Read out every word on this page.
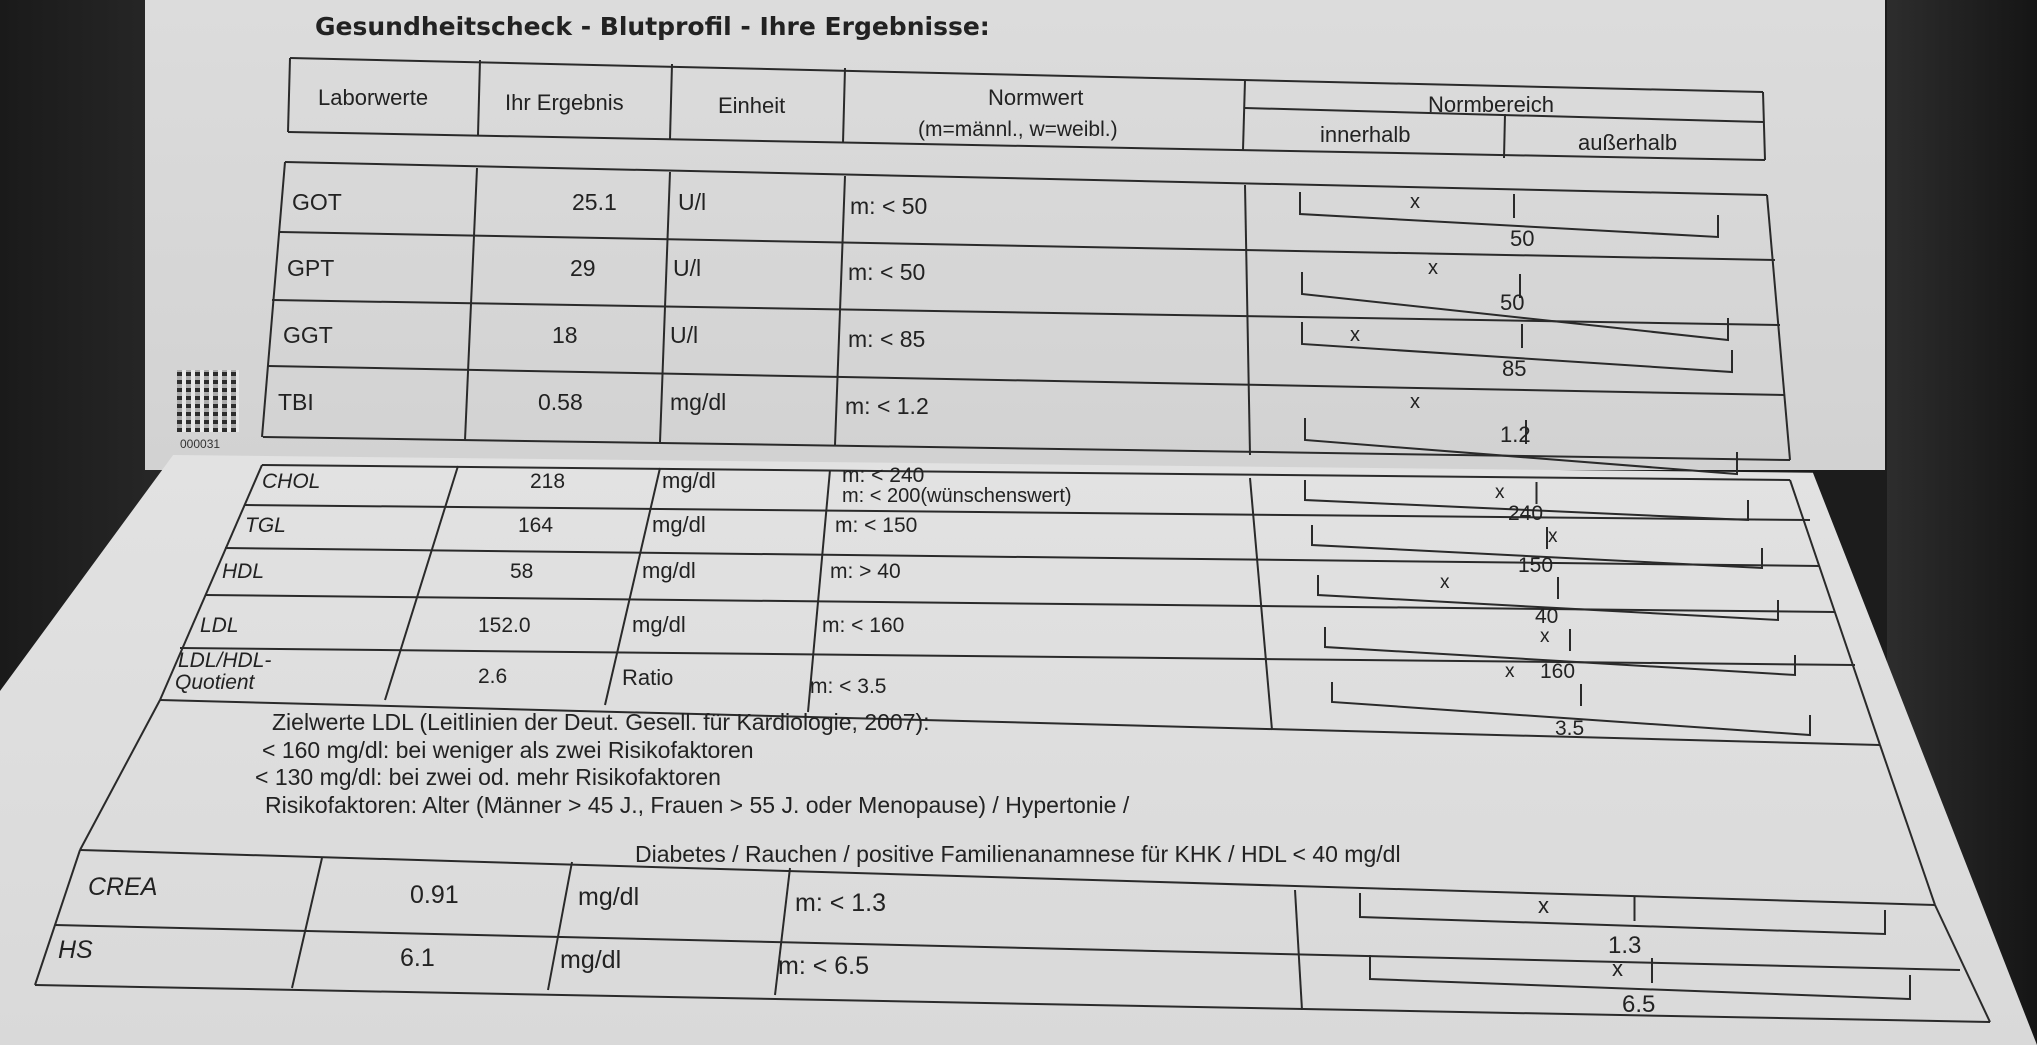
000031
Gesundheitscheck - Blutprofil - Ihre Ergebnisse:
Laborwerte	Ihr Ergebnis	Einheit	Normwert
(m=männl., w=weibl.)
Normbereich
innerhalb	außerhalb
GOT	25.1	U/l	m: < 50	x
50
GPT	29	U/l	m: < 50	x
50
GGT	18	U/l	m: < 85	x
85
TBI	0.58	mg/dl	m: < 1.2	x
1.2
CHOL	218	mg/dl	m: < 240
m: < 200(wünschenswert)	x
240
TGL	164	mg/dl	m: < 150	x
150
HDL	58	mg/dl	m: > 40	x
40
LDL	152.0	mg/dl	m: < 160	x
160
LDL/HDL-
Quotient	2.6	Ratio	m: < 3.5
x
3.5
Zielwerte LDL (Leitlinien der Deut. Gesell. für Kardiologie, 2007):
< 160 mg/dl: bei weniger als zwei Risikofaktoren
< 130 mg/dl: bei zwei od. mehr Risikofaktoren
Risikofaktoren: Alter (Männer > 45 J., Frauen > 55 J. oder Menopause) / Hypertonie /
Diabetes / Rauchen / positive Familienanamnese für KHK / HDL < 40 mg/dl
CREA	0.91	mg/dl	m: < 1.3	x
1.3
HS	6.1	mg/dl	m: < 6.5	x
6.5
